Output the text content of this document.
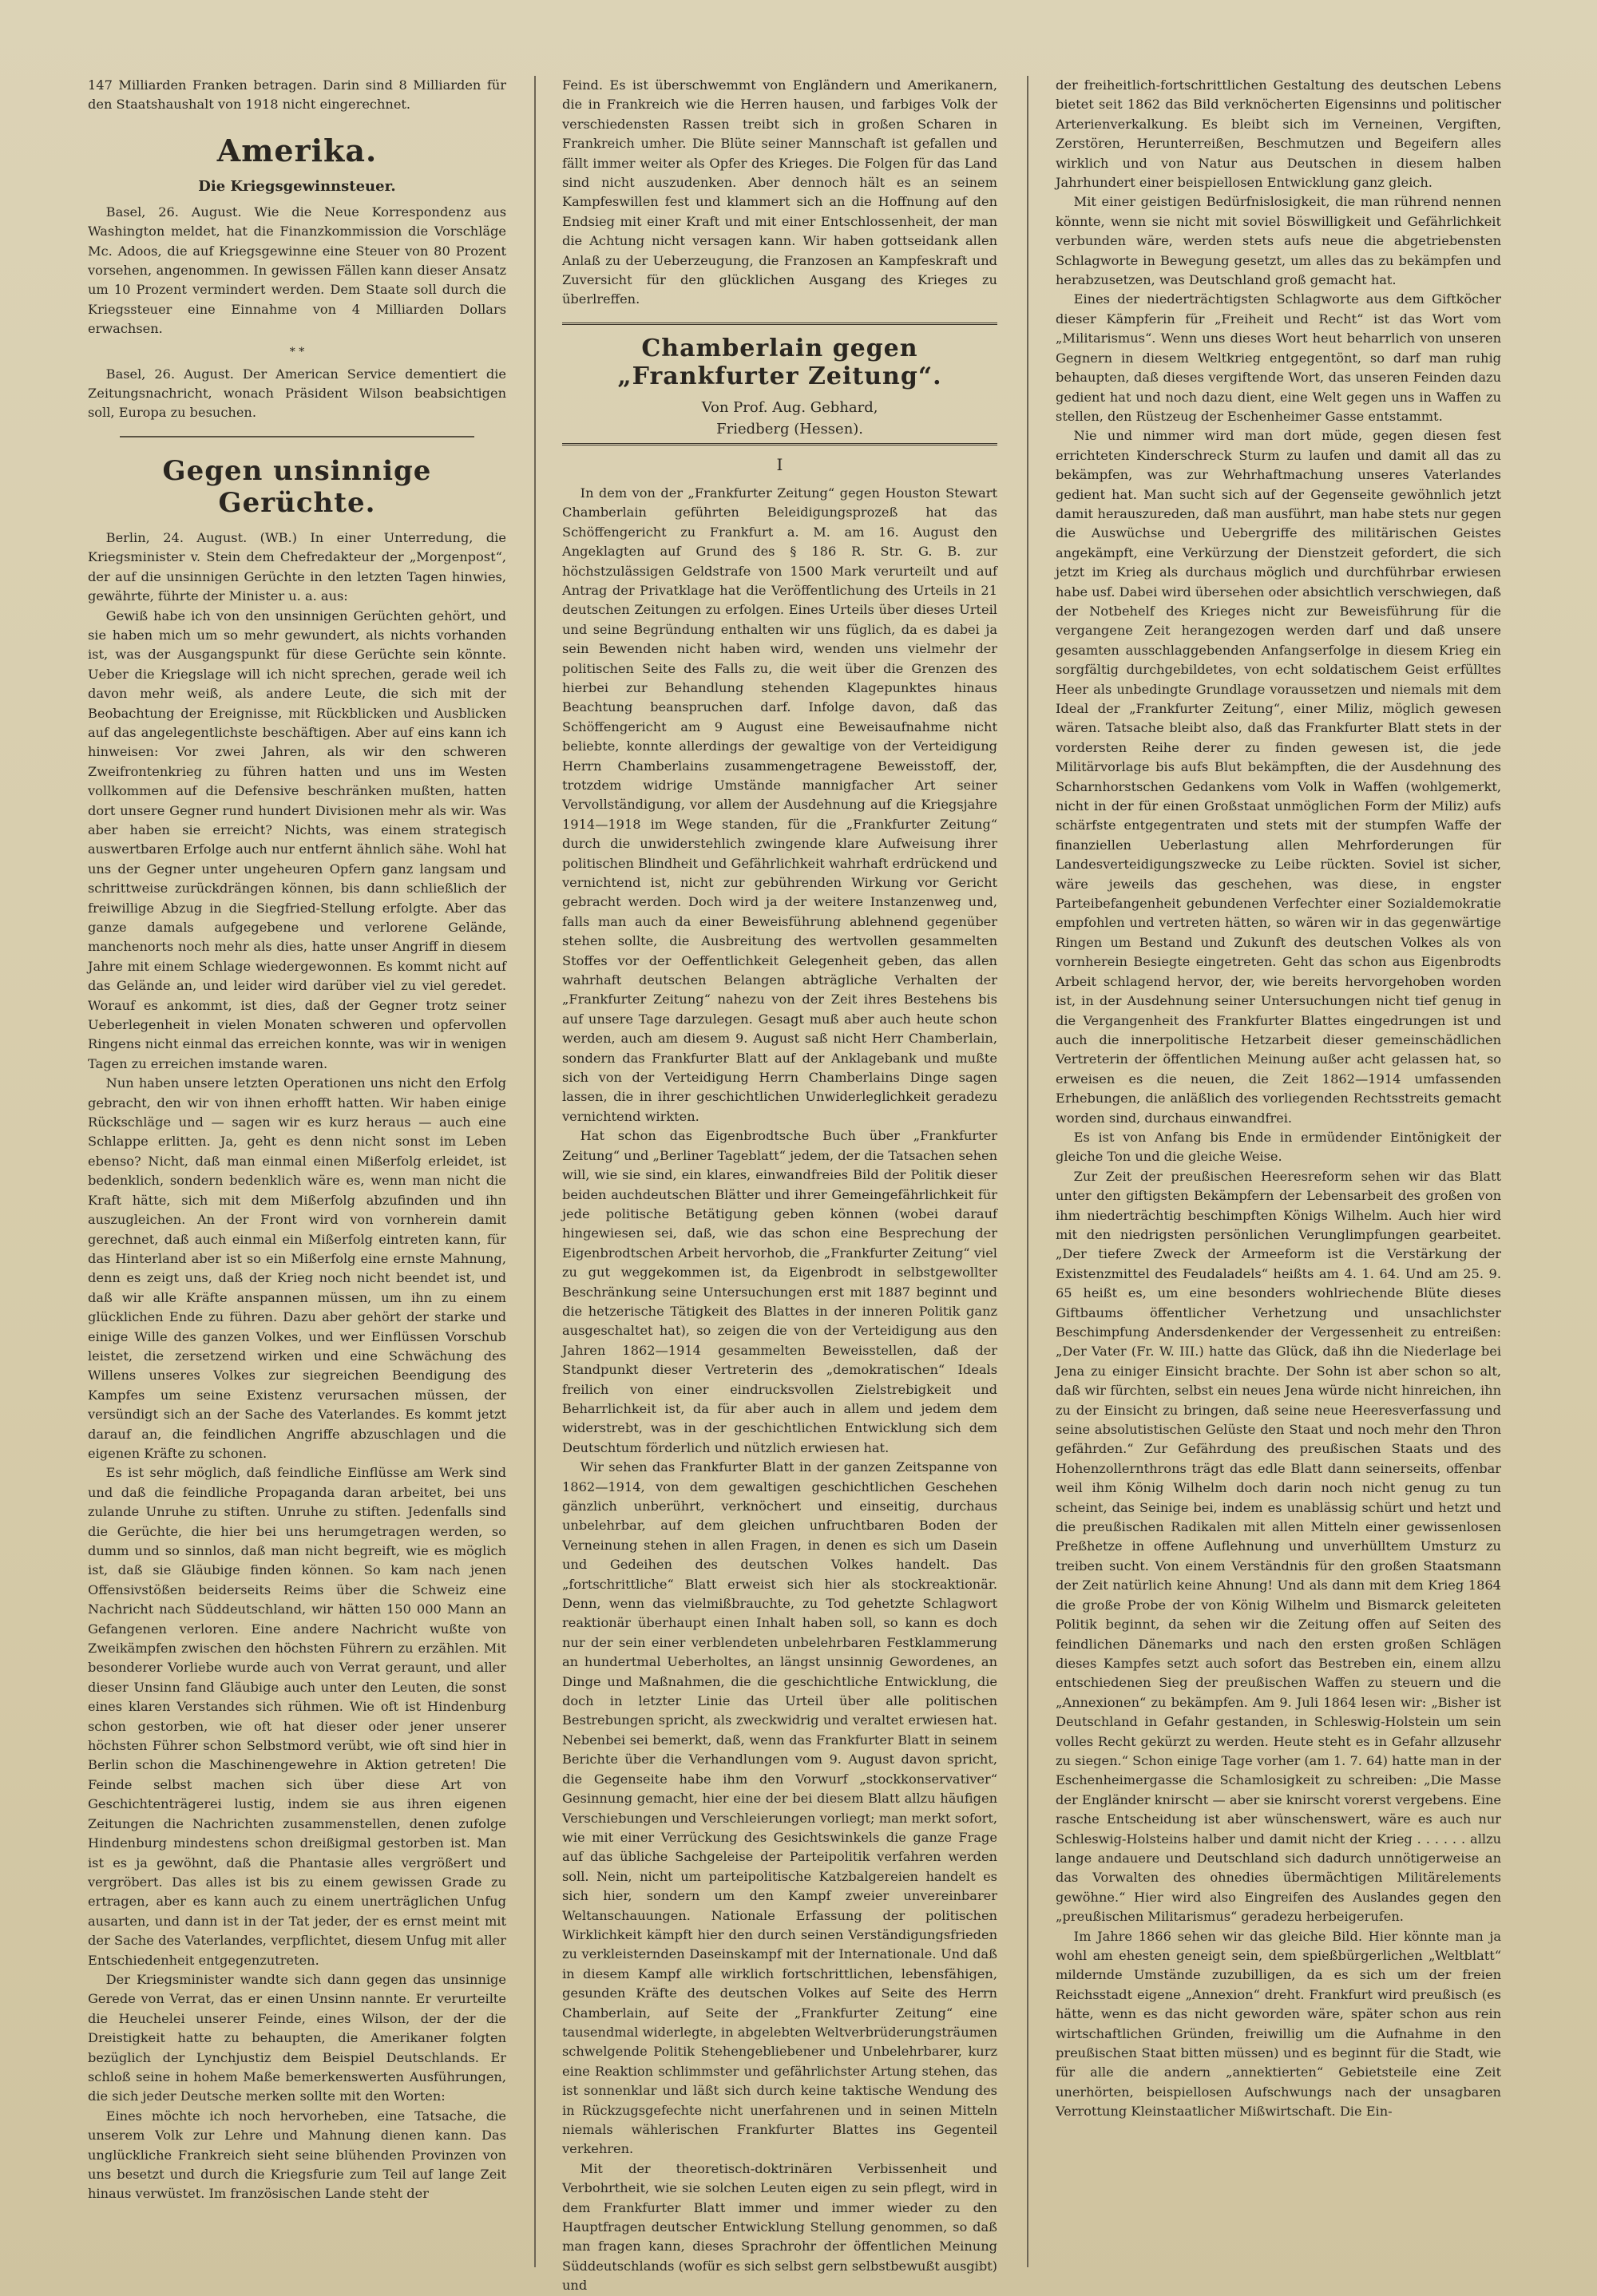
147 Milliarden Franken betragen. Darin sind 8 Milliarden für den Staatshaushalt von 1918 nicht eingerechnet.

Amerika.
Die Kriegsgewinnsteuer.

Basel, 26. August. Wie die Neue Korrespondenz aus Washington meldet, hat die Finanzkommission die Vorschläge Mc. Adoos, die auf Kriegsgewinne eine Steuer von 80 Prozent vorsehen, angenommen. In gewissen Fällen kann dieser Ansatz um 10 Prozent vermindert werden. Dem Staate soll durch die Kriegssteuer eine Einnahme von 4 Milliarden Dollars erwachsen.

* *

Basel, 26. August. Der American Service dementiert die Zeitungsnachricht, wonach Präsident Wilson beabsichtigen soll, Europa zu besuchen.

Gegen unsinnige Gerüchte.

Berlin, 24. August. (WB.) In einer Unterredung, die Kriegsminister v. Stein dem Chefredakteur der „Morgenpost“, der auf die unsinnigen Gerüchte in den letzten Tagen hinwies, gewährte, führte der Minister u. a. aus:

Gewiß habe ich von den unsinnigen Gerüchten gehört, und sie haben mich um so mehr gewundert, als nichts vorhanden ist, was der Ausgangspunkt für diese Gerüchte sein könnte. Ueber die Kriegslage will ich nicht sprechen, gerade weil ich davon mehr weiß, als andere Leute, die sich mit der Beobachtung der Ereignisse, mit Rückblicken und Ausblicken auf das angelegentlichste beschäftigen. Aber auf eins kann ich hinweisen: Vor zwei Jahren, als wir den schweren Zweifrontenkrieg zu führen hatten und uns im Westen vollkommen auf die Defensive beschränken mußten, hatten dort unsere Gegner rund hundert Divisionen mehr als wir. Was aber haben sie erreicht? Nichts, was einem strategisch auswertbaren Erfolge auch nur entfernt ähnlich sähe. Wohl hat uns der Gegner unter ungeheuren Opfern ganz langsam und schrittweise zurückdrängen können, bis dann schließlich der freiwillige Abzug in die Siegfried-Stellung erfolgte. Aber das ganze damals aufgegebene und verlorene Gelände, manchenorts noch mehr als dies, hatte unser Angriff in diesem Jahre mit einem Schlage wiedergewonnen. Es kommt nicht auf das Gelände an, und leider wird darüber viel zu viel geredet. Worauf es ankommt, ist dies, daß der Gegner trotz seiner Ueberlegenheit in vielen Monaten schweren und opfervollen Ringens nicht einmal das erreichen konnte, was wir in wenigen Tagen zu erreichen imstande waren.

Nun haben unsere letzten Operationen uns nicht den Erfolg gebracht, den wir von ihnen erhofft hatten. Wir haben einige Rückschläge und — sagen wir es kurz heraus — auch eine Schlappe erlitten. Ja, geht es denn nicht sonst im Leben ebenso? Nicht, daß man einmal einen Mißerfolg erleidet, ist bedenklich, sondern bedenklich wäre es, wenn man nicht die Kraft hätte, sich mit dem Mißerfolg abzufinden und ihn auszugleichen. An der Front wird von vornherein damit gerechnet, daß auch einmal ein Mißerfolg eintreten kann, für das Hinterland aber ist so ein Mißerfolg eine ernste Mahnung, denn es zeigt uns, daß der Krieg noch nicht beendet ist, und daß wir alle Kräfte anspannen müssen, um ihn zu einem glücklichen Ende zu führen. Dazu aber gehört der starke und einige Wille des ganzen Volkes, und wer Einflüssen Vorschub leistet, die zersetzend wirken und eine Schwächung des Willens unseres Volkes zur siegreichen Beendigung des Kampfes um seine Existenz verursachen müssen, der versündigt sich an der Sache des Vaterlandes. Es kommt jetzt darauf an, die feindlichen Angriffe abzuschlagen und die eigenen Kräfte zu schonen.

Es ist sehr möglich, daß feindliche Einflüsse am Werk sind und daß die feindliche Propaganda daran arbeitet, bei uns zulande Unruhe zu stiften. Unruhe zu stiften. Jedenfalls sind die Gerüchte, die hier bei uns herumgetragen werden, so dumm und so sinnlos, daß man nicht begreift, wie es möglich ist, daß sie Gläubige finden können. So kam nach jenen Offensivstößen beiderseits Reims über die Schweiz eine Nachricht nach Süddeutschland, wir hätten 150 000 Mann an Gefangenen verloren. Eine andere Nachricht wußte von Zweikämpfen zwischen den höchsten Führern zu erzählen. Mit besonderer Vorliebe wurde auch von Verrat geraunt, und aller dieser Unsinn fand Gläubige auch unter den Leuten, die sonst eines klaren Verstandes sich rühmen. Wie oft ist Hindenburg schon gestorben, wie oft hat dieser oder jener unserer höchsten Führer schon Selbstmord verübt, wie oft sind hier in Berlin schon die Maschinengewehre in Aktion getreten! Die Feinde selbst machen sich über diese Art von Geschichtenträgerei lustig, indem sie aus ihren eigenen Zeitungen die Nachrichten zusammenstellen, denen zufolge Hindenburg mindestens schon dreißigmal gestorben ist. Man ist es ja gewöhnt, daß die Phantasie alles vergrößert und vergröbert. Das alles ist bis zu einem gewissen Grade zu ertragen, aber es kann auch zu einem unerträglichen Unfug ausarten, und dann ist in der Tat jeder, der es ernst meint mit der Sache des Vaterlandes, verpflichtet, diesem Unfug mit aller Entschiedenheit entgegenzutreten.

Der Kriegsminister wandte sich dann gegen das unsinnige Gerede von Verrat, das er einen Unsinn nannte. Er verurteilte die Heuchelei unserer Feinde, eines Wilson, der der die Dreistigkeit hatte zu behaupten, die Amerikaner folgten bezüglich der Lynchjustiz dem Beispiel Deutschlands. Er schloß seine in hohem Maße bemerkenswerten Ausführungen, die sich jeder Deutsche merken sollte mit den Worten:

Eines möchte ich noch hervorheben, eine Tatsache, die unserem Volk zur Lehre und Mahnung dienen kann. Das unglückliche Frankreich sieht seine blühenden Provinzen von uns besetzt und durch die Kriegsfurie zum Teil auf lange Zeit hinaus verwüstet. Im französischen Lande steht der

Feind. Es ist überschwemmt von Engländern und Amerikanern, die in Frankreich wie die Herren hausen, und farbiges Volk der verschiedensten Rassen treibt sich in großen Scharen in Frankreich umher. Die Blüte seiner Mannschaft ist gefallen und fällt immer weiter als Opfer des Krieges. Die Folgen für das Land sind nicht auszudenken. Aber dennoch hält es an seinem Kampfeswillen fest und klammert sich an die Hoffnung auf den Endsieg mit einer Kraft und mit einer Entschlossenheit, der man die Achtung nicht versagen kann. Wir haben gottseidank allen Anlaß zu der Ueberzeugung, die Franzosen an Kampfeskraft und Zuversicht für den glücklichen Ausgang des Krieges zu überlreffen.

Chamberlain gegen „Frankfurter Zeitung“.

Von Prof. Aug. Gebhard,

Friedberg (Hessen).

I

In dem von der „Frankfurter Zeitung“ gegen Houston Stewart Chamberlain geführten Beleidigungsprozeß hat das Schöffengericht zu Frankfurt a. M. am 16. August den Angeklagten auf Grund des § 186 R. Str. G. B. zur höchstzulässigen Geldstrafe von 1500 Mark verurteilt und auf Antrag der Privatklage hat die Veröffentlichung des Urteils in 21 deutschen Zeitungen zu erfolgen. Eines Urteils über dieses Urteil und seine Begründung enthalten wir uns füglich, da es dabei ja sein Bewenden nicht haben wird, wenden uns vielmehr der politischen Seite des Falls zu, die weit über die Grenzen des hierbei zur Behandlung stehenden Klagepunktes hinaus Beachtung beanspruchen darf. Infolge davon, daß das Schöffengericht am 9 August eine Beweisaufnahme nicht beliebte, konnte allerdings der gewaltige von der Verteidigung Herrn Chamberlains zusammengetragene Beweisstoff, der, trotzdem widrige Umstände mannigfacher Art seiner Vervollständigung, vor allem der Ausdehnung auf die Kriegsjahre 1914—1918 im Wege standen, für die „Frankfurter Zeitung“ durch die unwiderstehlich zwingende klare Aufweisung ihrer politischen Blindheit und Gefährlichkeit wahrhaft erdrückend und vernichtend ist, nicht zur gebührenden Wirkung vor Gericht gebracht werden. Doch wird ja der weitere Instanzenweg und, falls man auch da einer Beweisführung ablehnend gegenüber stehen sollte, die Ausbreitung des wertvollen gesammelten Stoffes vor der Oeffentlichkeit Gelegenheit geben, das allen wahrhaft deutschen Belangen abträgliche Verhalten der „Frankfurter Zeitung“ nahezu von der Zeit ihres Bestehens bis auf unsere Tage darzulegen. Gesagt muß aber auch heute schon werden, auch am diesem 9. August saß nicht Herr Chamberlain, sondern das Frankfurter Blatt auf der Anklagebank und mußte sich von der Verteidigung Herrn Chamberlains Dinge sagen lassen, die in ihrer geschichtlichen Unwiderleglichkeit geradezu vernichtend wirkten.

Hat schon das Eigenbrodtsche Buch über „Frankfurter Zeitung“ und „Berliner Tageblatt“ jedem, der die Tatsachen sehen will, wie sie sind, ein klares, einwandfreies Bild der Politik dieser beiden auchdeutschen Blätter und ihrer Gemeingefährlichkeit für jede politische Betätigung geben können (wobei darauf hingewiesen sei, daß, wie das schon eine Besprechung der Eigenbrodtschen Arbeit hervorhob, die „Frankfurter Zeitung“ viel zu gut weggekommen ist, da Eigenbrodt in selbstgewollter Beschränkung seine Untersuchungen erst mit 1887 beginnt und die hetzerische Tätigkeit des Blattes in der inneren Politik ganz ausgeschaltet hat), so zeigen die von der Verteidigung aus den Jahren 1862—1914 gesammelten Beweisstellen, daß der Standpunkt dieser Vertreterin des „demokratischen“ Ideals freilich von einer eindrucksvollen Zielstrebigkeit und Beharrlichkeit ist, da für aber auch in allem und jedem dem widerstrebt, was in der geschichtlichen Entwicklung sich dem Deutschtum förderlich und nützlich erwiesen hat.

Wir sehen das Frankfurter Blatt in der ganzen Zeitspanne von 1862—1914, von dem gewaltigen geschichtlichen Geschehen gänzlich unberührt, verknöchert und einseitig, durchaus unbelehrbar, auf dem gleichen unfruchtbaren Boden der Verneinung stehen in allen Fragen, in denen es sich um Dasein und Gedeihen des deutschen Volkes handelt. Das „fortschrittliche“ Blatt erweist sich hier als stockreaktionär. Denn, wenn das vielmißbrauchte, zu Tod gehetzte Schlagwort reaktionär überhaupt einen Inhalt haben soll, so kann es doch nur der sein einer verblendeten unbelehrbaren Festklammerung an hundertmal Ueberholtes, an längst unsinnig Gewordenes, an Dinge und Maßnahmen, die die geschichtliche Entwicklung, die doch in letzter Linie das Urteil über alle politischen Bestrebungen spricht, als zweckwidrig und veraltet erwiesen hat. Nebenbei sei bemerkt, daß, wenn das Frankfurter Blatt in seinem Berichte über die Verhandlungen vom 9. August davon spricht, die Gegenseite habe ihm den Vorwurf „stockkonservativer“ Gesinnung gemacht, hier eine der bei diesem Blatt allzu häufigen Verschiebungen und Verschleierungen vorliegt; man merkt sofort, wie mit einer Verrückung des Gesichtswinkels die ganze Frage auf das übliche Sachgeleise der Parteipolitik verfahren werden soll. Nein, nicht um parteipolitische Katzbalgereien handelt es sich hier, sondern um den Kampf zweier unvereinbarer Weltanschauungen. Nationale Erfassung der politischen Wirklichkeit kämpft hier den durch seinen Verständigungsfrieden zu verkleisternden Daseinskampf mit der Internationale. Und daß in diesem Kampf alle wirklich fortschrittlichen, lebensfähigen, gesunden Kräfte des deutschen Volkes auf Seite des Herrn Chamberlain, auf Seite der „Frankfurter Zeitung“ eine tausendmal widerlegte, in abgelebten Weltverbrüderungsträumen schwelgende Politik Stehengebliebener und Unbelehrbarer, kurz eine Reaktion schlimmster und gefährlichster Artung stehen, das ist sonnenklar und läßt sich durch keine taktische Wendung des in Rückzugsgefechte nicht unerfahrenen und in seinen Mitteln niemals wählerischen Frankfurter Blattes ins Gegenteil verkehren.

Mit der theoretisch-doktrinären Verbissenheit und Verbohrtheit, wie sie solchen Leuten eigen zu sein pflegt, wird in dem Frankfurter Blatt immer und immer wieder zu den Hauptfragen deutscher Entwicklung Stellung genommen, so daß man fragen kann, dieses Sprachrohr der öffentlichen Meinung Süddeutschlands (wofür es sich selbst gern selbstbewußt ausgibt) und

der freiheitlich-fortschrittlichen Gestaltung des deutschen Lebens bietet seit 1862 das Bild verknöcherten Eigensinns und politischer Arterienverkalkung. Es bleibt sich im Verneinen, Vergiften, Zerstören, Herunterreißen, Beschmutzen und Begeifern alles wirklich und von Natur aus Deutschen in diesem halben Jahrhundert einer beispiellosen Entwicklung ganz gleich.

Mit einer geistigen Bedürfnislosigkeit, die man rührend nennen könnte, wenn sie nicht mit soviel Böswilligkeit und Gefährlichkeit verbunden wäre, werden stets aufs neue die abgetriebensten Schlagworte in Bewegung gesetzt, um alles das zu bekämpfen und herabzusetzen, was Deutschland groß gemacht hat.

Eines der niederträchtigsten Schlagworte aus dem Giftköcher dieser Kämpferin für „Freiheit und Recht“ ist das Wort vom „Militarismus“. Wenn uns dieses Wort heut beharrlich von unseren Gegnern in diesem Weltkrieg entgegentönt, so darf man ruhig behaupten, daß dieses vergiftende Wort, das unseren Feinden dazu gedient hat und noch dazu dient, eine Welt gegen uns in Waffen zu stellen, den Rüstzeug der Eschenheimer Gasse entstammt.

Nie und nimmer wird man dort müde, gegen diesen fest errichteten Kinderschreck Sturm zu laufen und damit all das zu bekämpfen, was zur Wehrhaftmachung unseres Vaterlandes gedient hat. Man sucht sich auf der Gegenseite gewöhnlich jetzt damit herauszureden, daß man ausführt, man habe stets nur gegen die Auswüchse und Uebergriffe des militärischen Geistes angekämpft, eine Verkürzung der Dienstzeit gefordert, die sich jetzt im Krieg als durchaus möglich und durchführbar erwiesen habe usf. Dabei wird übersehen oder absichtlich verschwiegen, daß der Notbehelf des Krieges nicht zur Beweisführung für die vergangene Zeit herangezogen werden darf und daß unsere gesamten ausschlaggebenden Anfangserfolge in diesem Krieg ein sorgfältig durchgebildetes, von echt soldatischem Geist erfülltes Heer als unbedingte Grundlage voraussetzen und niemals mit dem Ideal der „Frankfurter Zeitung“, einer Miliz, möglich gewesen wären. Tatsache bleibt also, daß das Frankfurter Blatt stets in der vordersten Reihe derer zu finden gewesen ist, die jede Militärvorlage bis aufs Blut bekämpften, die der Ausdehnung des Scharnhorstschen Gedankens vom Volk in Waffen (wohlgemerkt, nicht in der für einen Großstaat unmöglichen Form der Miliz) aufs schärfste entgegentraten und stets mit der stumpfen Waffe der finanziellen Ueberlastung allen Mehrforderungen für Landesverteidigungszwecke zu Leibe rückten. Soviel ist sicher, wäre jeweils das geschehen, was diese, in engster Parteibefangenheit gebundenen Verfechter einer Sozialdemokratie empfohlen und vertreten hätten, so wären wir in das gegenwärtige Ringen um Bestand und Zukunft des deutschen Volkes als von vornherein Besiegte eingetreten. Geht das schon aus Eigenbrodts Arbeit schlagend hervor, der, wie bereits hervorgehoben worden ist, in der Ausdehnung seiner Untersuchungen nicht tief genug in die Vergangenheit des Frankfurter Blattes eingedrungen ist und auch die innerpolitische Hetzarbeit dieser gemeinschädlichen Vertreterin der öffentlichen Meinung außer acht gelassen hat, so erweisen es die neuen, die Zeit 1862—1914 umfassenden Erhebungen, die anläßlich des vorliegenden Rechtsstreits gemacht worden sind, durchaus einwandfrei.

Es ist von Anfang bis Ende in ermüdender Eintönigkeit der gleiche Ton und die gleiche Weise.

Zur Zeit der preußischen Heeresreform sehen wir das Blatt unter den giftigsten Bekämpfern der Lebensarbeit des großen von ihm niederträchtig beschimpften Königs Wilhelm. Auch hier wird mit den niedrigsten persönlichen Verunglimpfungen gearbeitet. „Der tiefere Zweck der Armeeform ist die Verstärkung der Existenzmittel des Feudaladels“ heißts am 4. 1. 64. Und am 25. 9. 65 heißt es, um eine besonders wohlriechende Blüte dieses Giftbaums öffentlicher Verhetzung und unsachlichster Beschimpfung Andersdenkender der Vergessenheit zu entreißen: „Der Vater (Fr. W. III.) hatte das Glück, daß ihn die Niederlage bei Jena zu einiger Einsicht brachte. Der Sohn ist aber schon so alt, daß wir fürchten, selbst ein neues Jena würde nicht hinreichen, ihn zu der Einsicht zu bringen, daß seine neue Heeresverfassung und seine absolutistischen Gelüste den Staat und noch mehr den Thron gefährden.“ Zur Gefährdung des preußischen Staats und des Hohenzollernthrons trägt das edle Blatt dann seinerseits, offenbar weil ihm König Wilhelm doch darin noch nicht genug zu tun scheint, das Seinige bei, indem es unablässig schürt und hetzt und die preußischen Radikalen mit allen Mitteln einer gewissenlosen Preßhetze in offene Auflehnung und unverhülltem Umsturz zu treiben sucht. Von einem Verständnis für den großen Staatsmann der Zeit natürlich keine Ahnung! Und als dann mit dem Krieg 1864 die große Probe der von König Wilhelm und Bismarck geleiteten Politik beginnt, da sehen wir die Zeitung offen auf Seiten des feindlichen Dänemarks und nach den ersten großen Schlägen dieses Kampfes setzt auch sofort das Bestreben ein, einem allzu entschiedenen Sieg der preußischen Waffen zu steuern und die „Annexionen“ zu bekämpfen. Am 9. Juli 1864 lesen wir: „Bisher ist Deutschland in Gefahr gestanden, in Schleswig-Holstein um sein volles Recht gekürzt zu werden. Heute steht es in Gefahr allzusehr zu siegen.“ Schon einige Tage vorher (am 1. 7. 64) hatte man in der Eschenheimergasse die Schamlosigkeit zu schreiben: „Die Masse der Engländer knirscht — aber sie knirscht vorerst vergebens. Eine rasche Entscheidung ist aber wünschenswert, wäre es auch nur Schleswig-Holsteins halber und damit nicht der Krieg . . . . . . allzu lange andauere und Deutschland sich dadurch unnötigerweise an das Vorwalten des ohnedies übermächtigen Militärelements gewöhne.“ Hier wird also Eingreifen des Auslandes gegen den „preußischen Militarismus“ geradezu herbeigerufen.

Im Jahre 1866 sehen wir das gleiche Bild. Hier könnte man ja wohl am ehesten geneigt sein, dem spießbürgerlichen „Weltblatt“ mildernde Umstände zuzubilligen, da es sich um der freien Reichsstadt eigene „Annexion“ dreht. Frankfurt wird preußisch (es hätte, wenn es das nicht geworden wäre, später schon aus rein wirtschaftlichen Gründen, freiwillig um die Aufnahme in den preußischen Staat bitten müssen) und es beginnt für die Stadt, wie für alle die andern „annektierten“ Gebietsteile eine Zeit unerhörten, beispiellosen Aufschwungs nach der unsagbaren Verrottung Kleinstaatlicher Mißwirtschaft. Die Ein-
